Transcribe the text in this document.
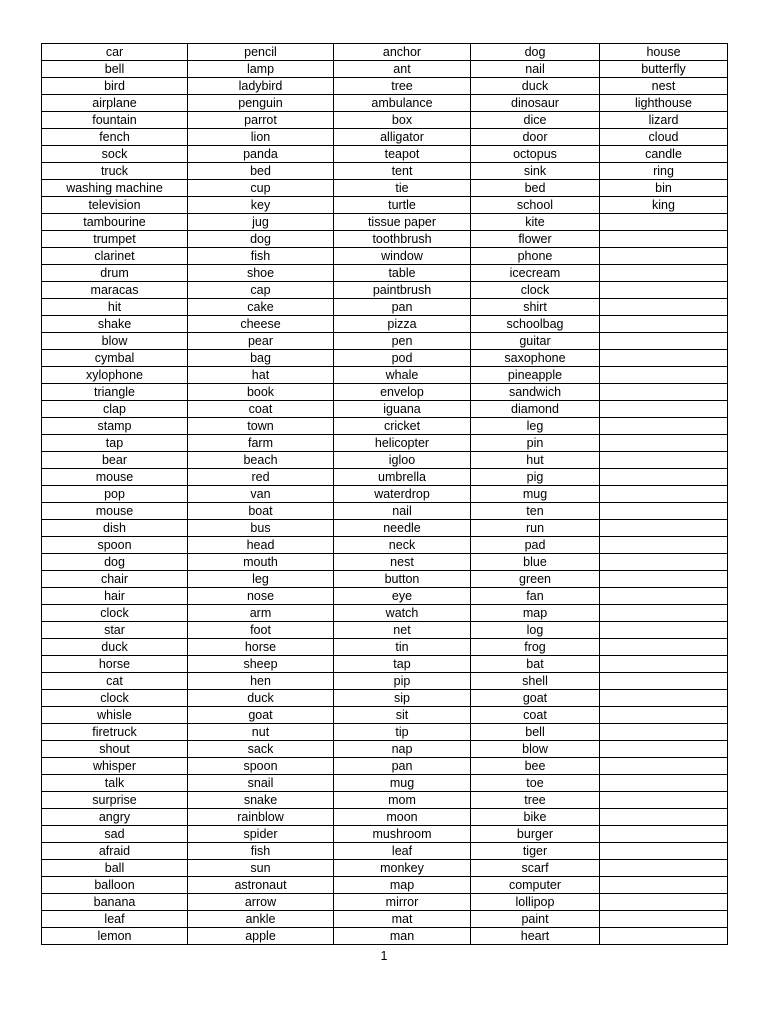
car	pencil	anchor	dog	house
bell	lamp	ant	nail	butterfly
bird	ladybird	tree	duck	nest
airplane	penguin	ambulance	dinosaur	lighthouse
fountain	parrot	box	dice	lizard
fench	lion	alligator	door	cloud
sock	panda	teapot	octopus	candle
truck	bed	tent	sink	ring
washing machine	cup	tie	bed	bin
television	key	turtle	school	king
tambourine	jug	tissue paper	kite	
trumpet	dog	toothbrush	flower	
clarinet	fish	window	phone	
drum	shoe	table	icecream	
maracas	cap	paintbrush	clock	
hit	cake	pan	shirt	
shake	cheese	pizza	schoolbag	
blow	pear	pen	guitar	
cymbal	bag	pod	saxophone	
xylophone	hat	whale	pineapple	
triangle	book	envelop	sandwich	
clap	coat	iguana	diamond	
stamp	town	cricket	leg	
tap	farm	helicopter	pin	
bear	beach	igloo	hut	
mouse	red	umbrella	pig	
pop	van	waterdrop	mug	
mouse	boat	nail	ten	
dish	bus	needle	run	
spoon	head	neck	pad	
dog	mouth	nest	blue	
chair	leg	button	green	
hair	nose	eye	fan	
clock	arm	watch	map	
star	foot	net	log	
duck	horse	tin	frog	
horse	sheep	tap	bat	
cat	hen	pip	shell	
clock	duck	sip	goat	
whisle	goat	sit	coat	
firetruck	nut	tip	bell	
shout	sack	nap	blow	
whisper	spoon	pan	bee	
talk	snail	mug	toe	
surprise	snake	mom	tree	
angry	rainblow	moon	bike	
sad	spider	mushroom	burger	
afraid	fish	leaf	tiger	
ball	sun	monkey	scarf	
balloon	astronaut	map	computer	
banana	arrow	mirror	lollipop	
leaf	ankle	mat	paint	
lemon	apple	man	heart	
1
